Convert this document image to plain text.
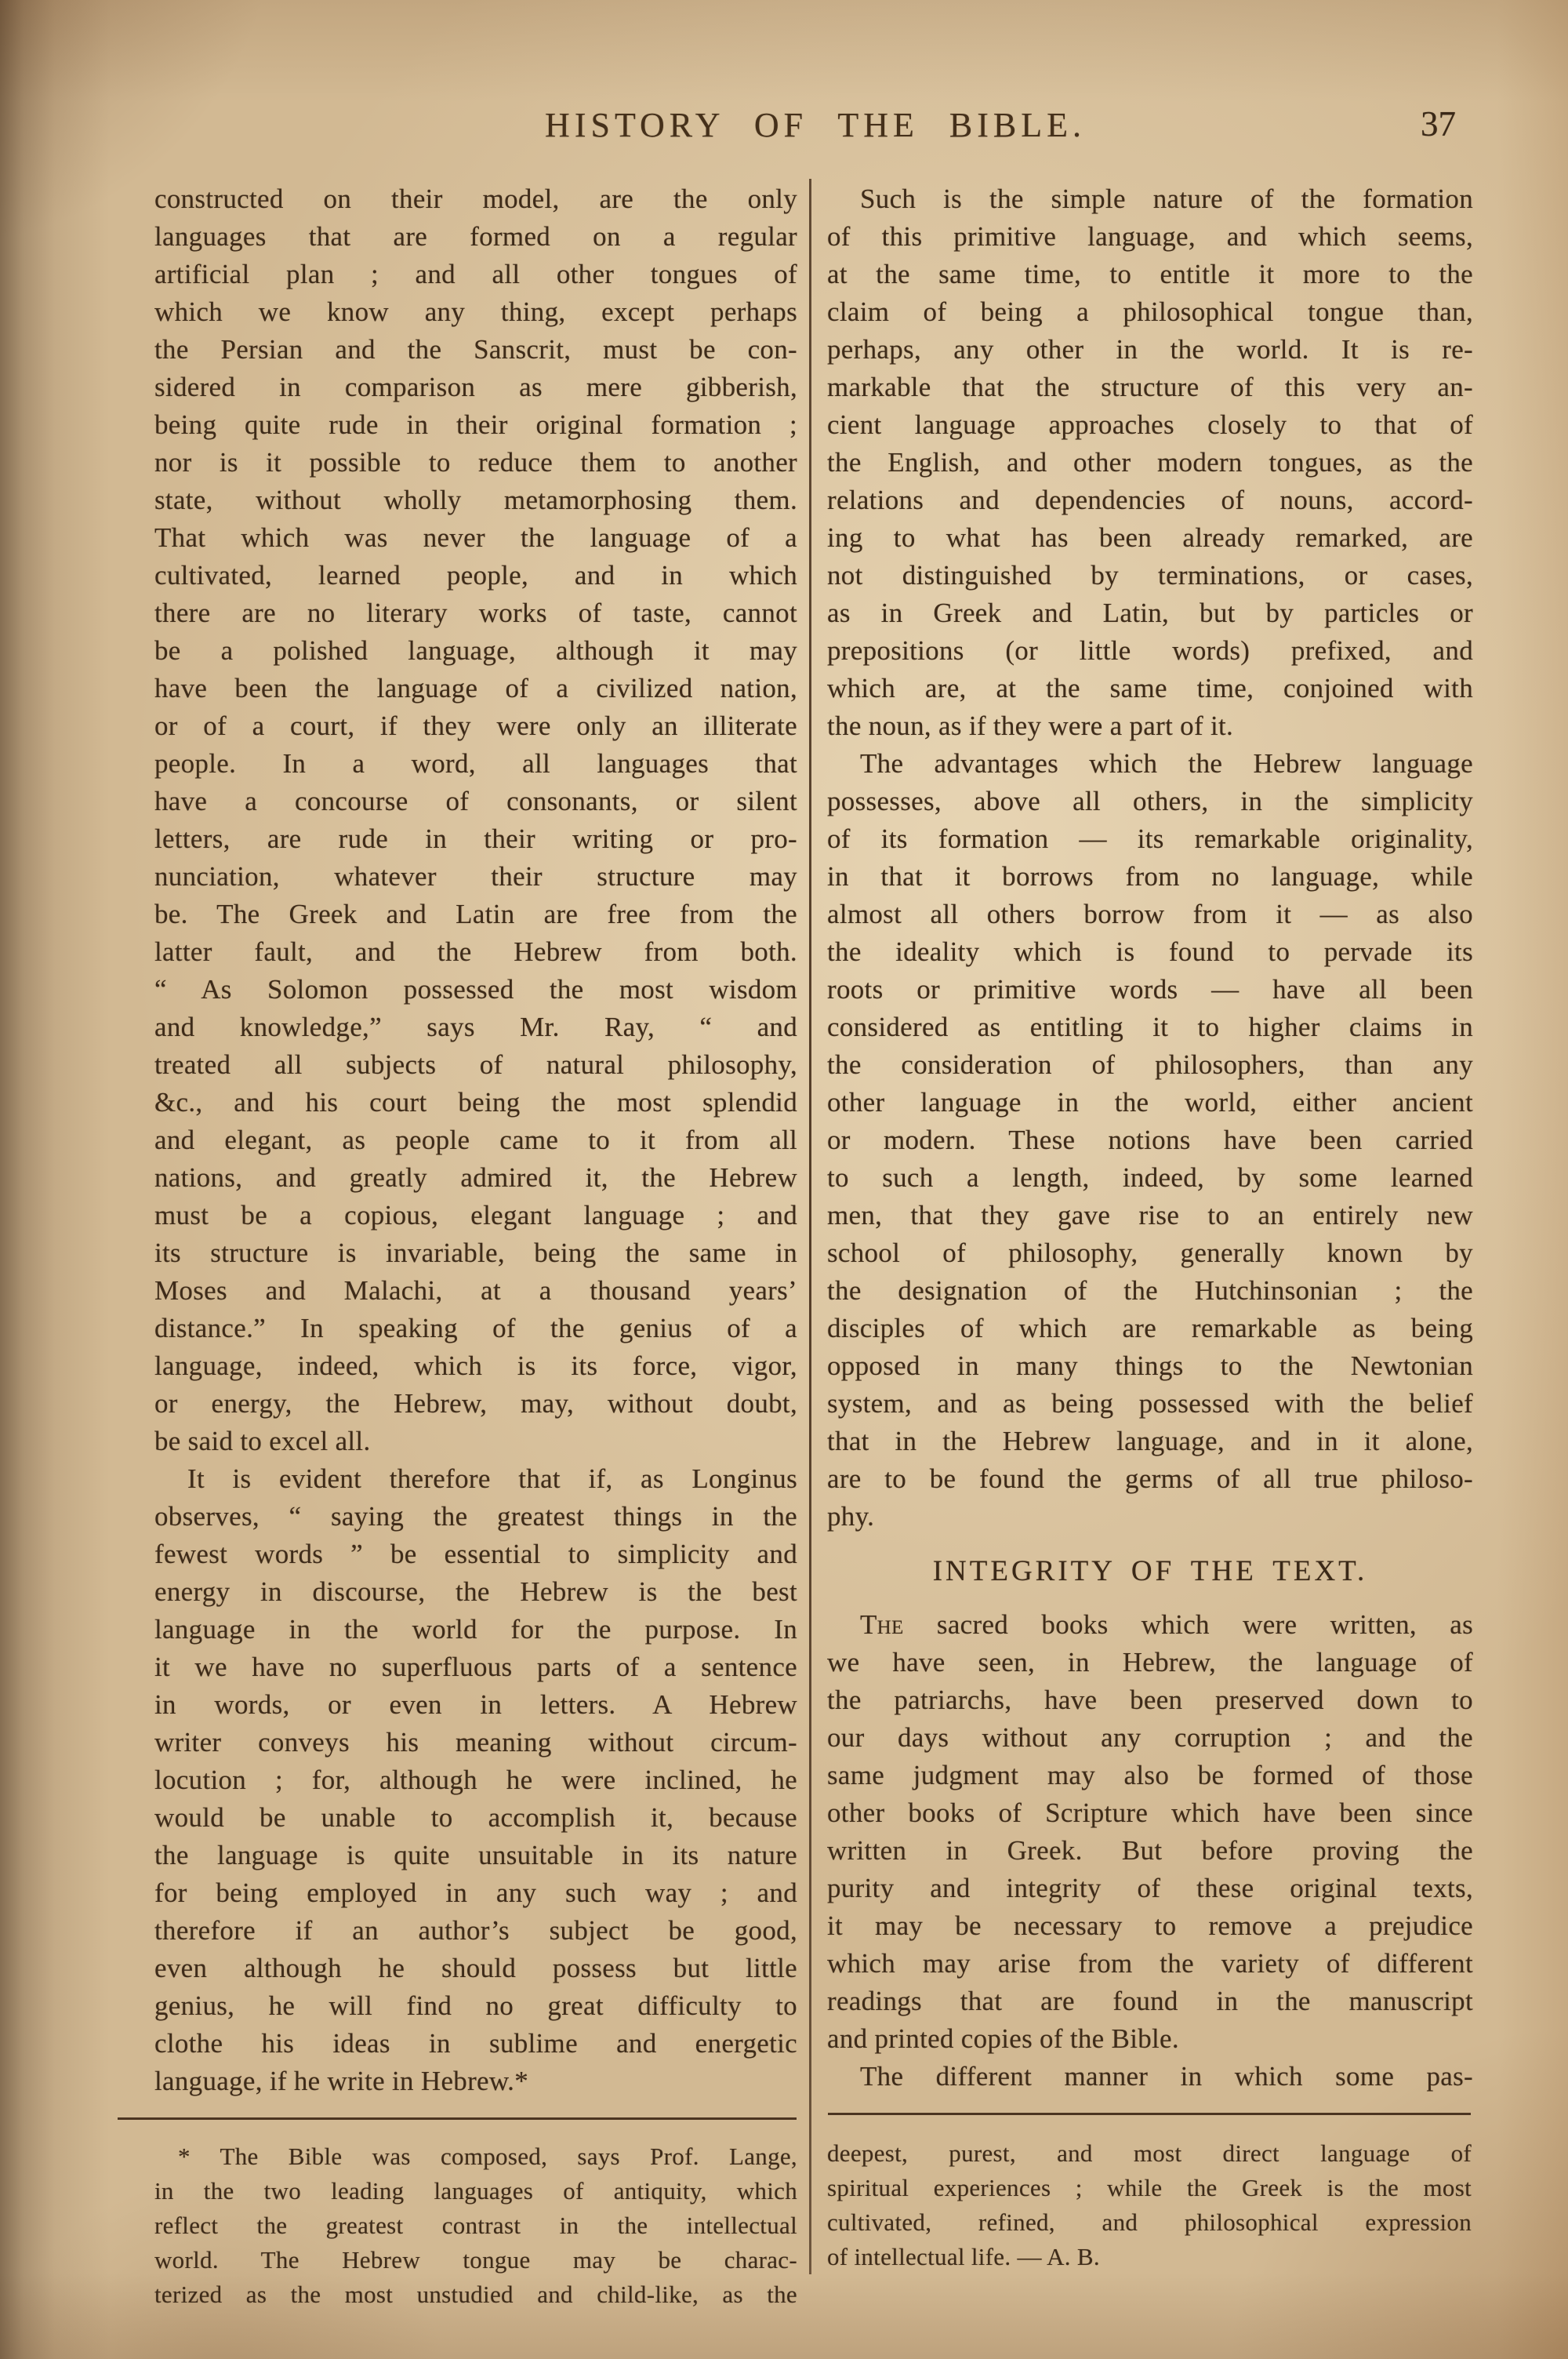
HISTORY OF THE BIBLE.	37
constructed on their model, are the only
languages that are formed on a regular
artificial plan ; and all other tongues of
which we know any thing, except perhaps
the Persian and the Sanscrit, must be con-
sidered in comparison as mere gibberish,
being quite rude in their original formation ;
nor is it possible to reduce them to another
state, without wholly metamorphosing them.
That which was never the language of a
cultivated, learned people, and in which
there are no literary works of taste, cannot
be a polished language, although it may
have been the language of a civilized nation,
or of a court, if they were only an illiterate
people. In a word, all languages that
have a concourse of consonants, or silent
letters, are rude in their writing or pro-
nunciation, whatever their structure may
be. The Greek and Latin are free from the
latter fault, and the Hebrew from both.
“ As Solomon possessed the most wisdom
and knowledge,” says Mr. Ray, “ and
treated all subjects of natural philosophy,
&c., and his court being the most splendid
and elegant, as people came to it from all
nations, and greatly admired it, the Hebrew
must be a copious, elegant language ; and
its structure is invariable, being the same in
Moses and Malachi, at a thousand years’
distance.” In speaking of the genius of a
language, indeed, which is its force, vigor,
or energy, the Hebrew, may, without doubt,
be said to excel all.
It is evident therefore that if, as Longinus
observes, “ saying the greatest things in the
fewest words ” be essential to simplicity and
energy in discourse, the Hebrew is the best
language in the world for the purpose. In
it we have no superfluous parts of a sentence
in words, or even in letters. A Hebrew
writer conveys his meaning without circum-
locution ; for, although he were inclined, he
would be unable to accomplish it, because
the language is quite unsuitable in its nature
for being employed in any such way ; and
therefore if an author’s subject be good,
even although he should possess but little
genius, he will find no great difficulty to
clothe his ideas in sublime and energetic
language, if he write in Hebrew.*
* The Bible was composed, says Prof. Lange,
in the two leading languages of antiquity, which
reflect the greatest contrast in the intellectual
world. The Hebrew tongue may be charac-
terized as the most unstudied and child-like, as the
Such is the simple nature of the formation
of this primitive language, and which seems,
at the same time, to entitle it more to the
claim of being a philosophical tongue than,
perhaps, any other in the world. It is re-
markable that the structure of this very an-
cient language approaches closely to that of
the English, and other modern tongues, as the
relations and dependencies of nouns, accord-
ing to what has been already remarked, are
not distinguished by terminations, or cases,
as in Greek and Latin, but by particles or
prepositions (or little words) prefixed, and
which are, at the same time, conjoined with
the noun, as if they were a part of it.
The advantages which the Hebrew language
possesses, above all others, in the simplicity
of its formation — its remarkable originality,
in that it borrows from no language, while
almost all others borrow from it — as also
the ideality which is found to pervade its
roots or primitive words — have all been
considered as entitling it to higher claims in
the consideration of philosophers, than any
other language in the world, either ancient
or modern. These notions have been carried
to such a length, indeed, by some learned
men, that they gave rise to an entirely new
school of philosophy, generally known by
the designation of the Hutchinsonian ; the
disciples of which are remarkable as being
opposed in many things to the Newtonian
system, and as being possessed with the belief
that in the Hebrew language, and in it alone,
are to be found the germs of all true philoso-
phy.
INTEGRITY OF THE TEXT.
The sacred books which were written, as
we have seen, in Hebrew, the language of
the patriarchs, have been preserved down to
our days without any corruption ; and the
same judgment may also be formed of those
other books of Scripture which have been since
written in Greek. But before proving the
purity and integrity of these original texts,
it may be necessary to remove a prejudice
which may arise from the variety of different
readings that are found in the manuscript
and printed copies of the Bible.
The different manner in which some pas-
deepest, purest, and most direct language of
spiritual experiences ; while the Greek is the most
cultivated, refined, and philosophical expression
of intellectual life. — A. B.
